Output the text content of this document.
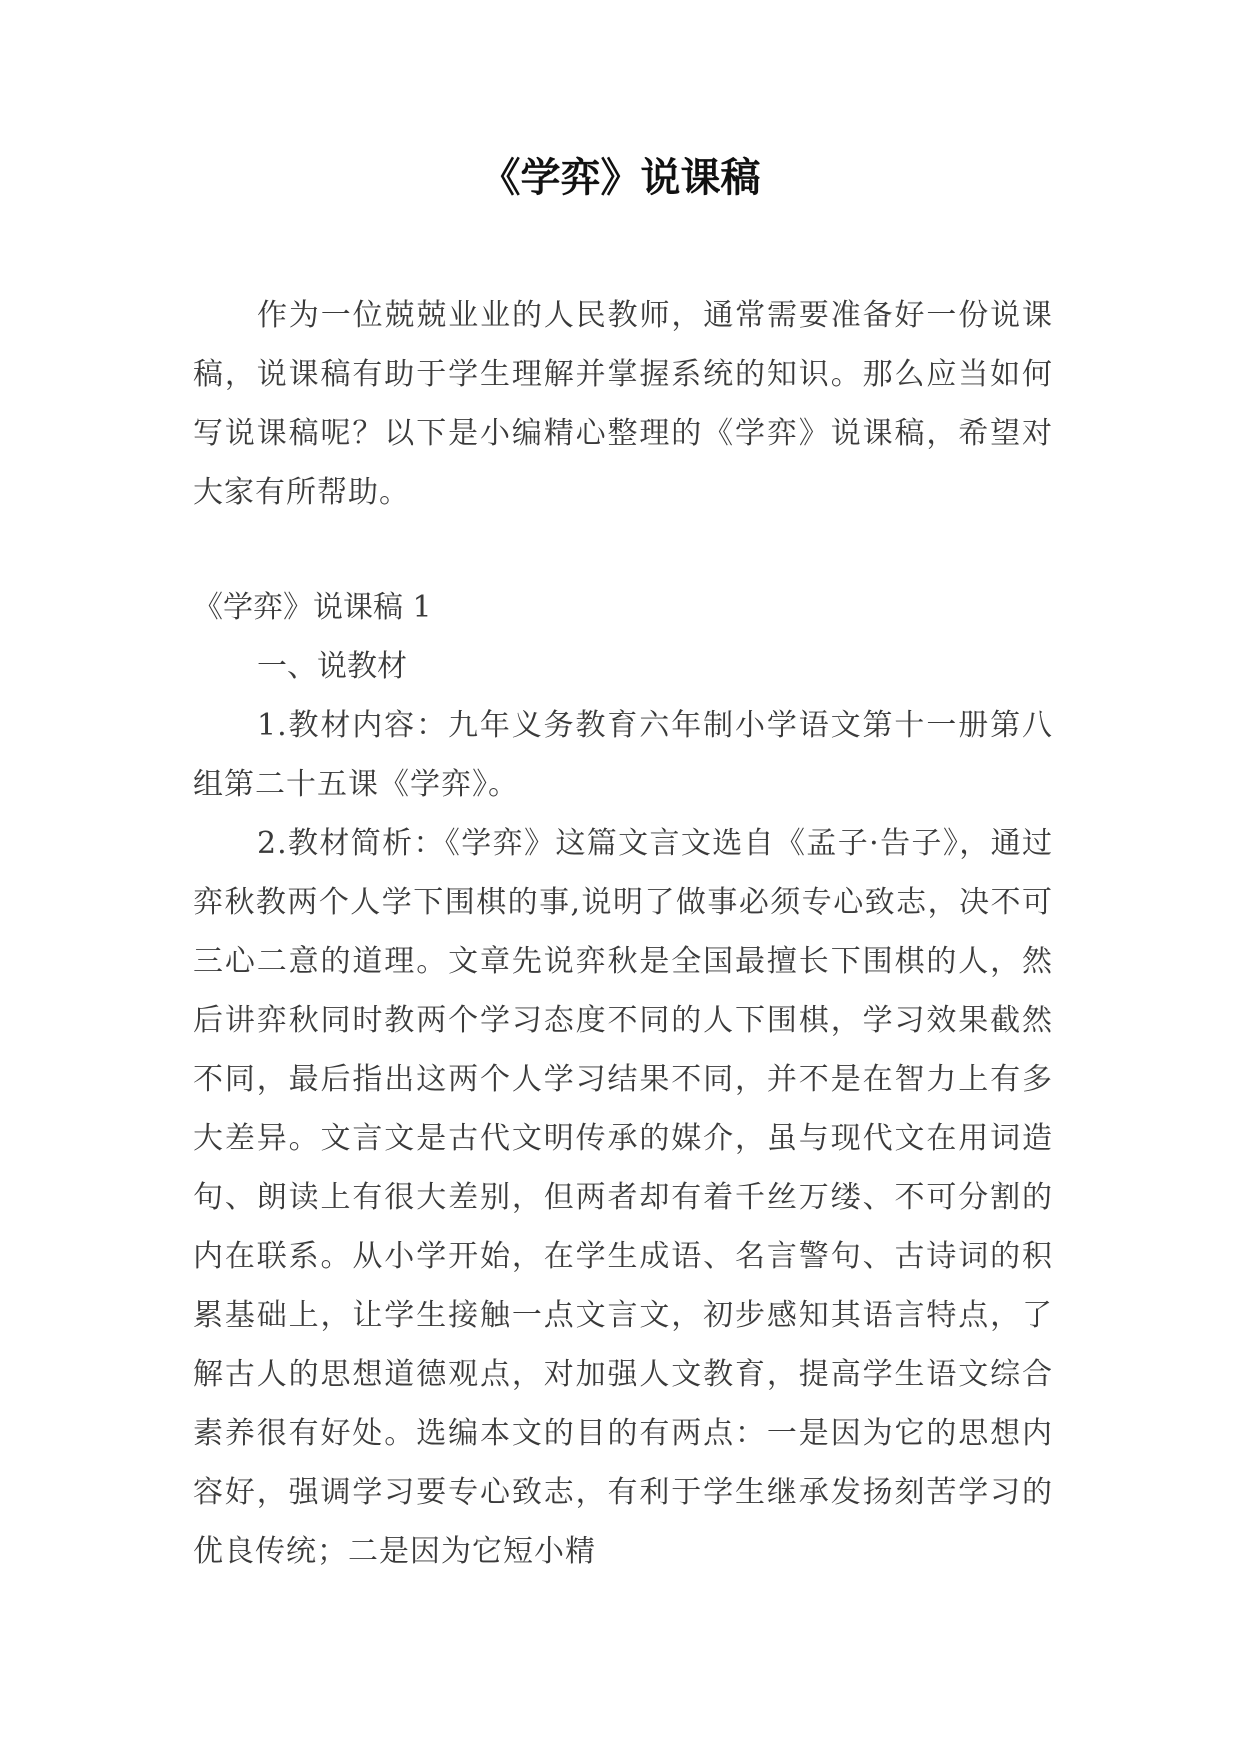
《学弈》说课稿

作为一位兢兢业业的人民教师，通常需要准备好一份说课稿，说课稿有助于学生理解并掌握系统的知识。那么应当如何写说课稿呢？以下是小编精心整理的《学弈》说课稿，希望对大家有所帮助。

《学弈》说课稿 1

一、说教材

1.教材内容：九年义务教育六年制小学语文第十一册第八组第二十五课《学弈》。

2.教材简析：《学弈》这篇文言文选自《孟子·告子》，通过弈秋教两个人学下围棋的事,说明了做事必须专心致志，决不可三心二意的道理。文章先说弈秋是全国最擅长下围棋的人，然后讲弈秋同时教两个学习态度不同的人下围棋，学习效果截然不同，最后指出这两个人学习结果不同，并不是在智力上有多大差异。文言文是古代文明传承的媒介，虽与现代文在用词造句、朗读上有很大差别，但两者却有着千丝万缕、不可分割的内在联系。从小学开始，在学生成语、名言警句、古诗词的积累基础上，让学生接触一点文言文，初步感知其语言特点，了解古人的思想道德观点，对加强人文教育，提高学生语文综合素养很有好处。选编本文的目的有两点：一是因为它的思想内容好，强调学习要专心致志，有利于学生继承发扬刻苦学习的优良传统；二是因为它短小精
